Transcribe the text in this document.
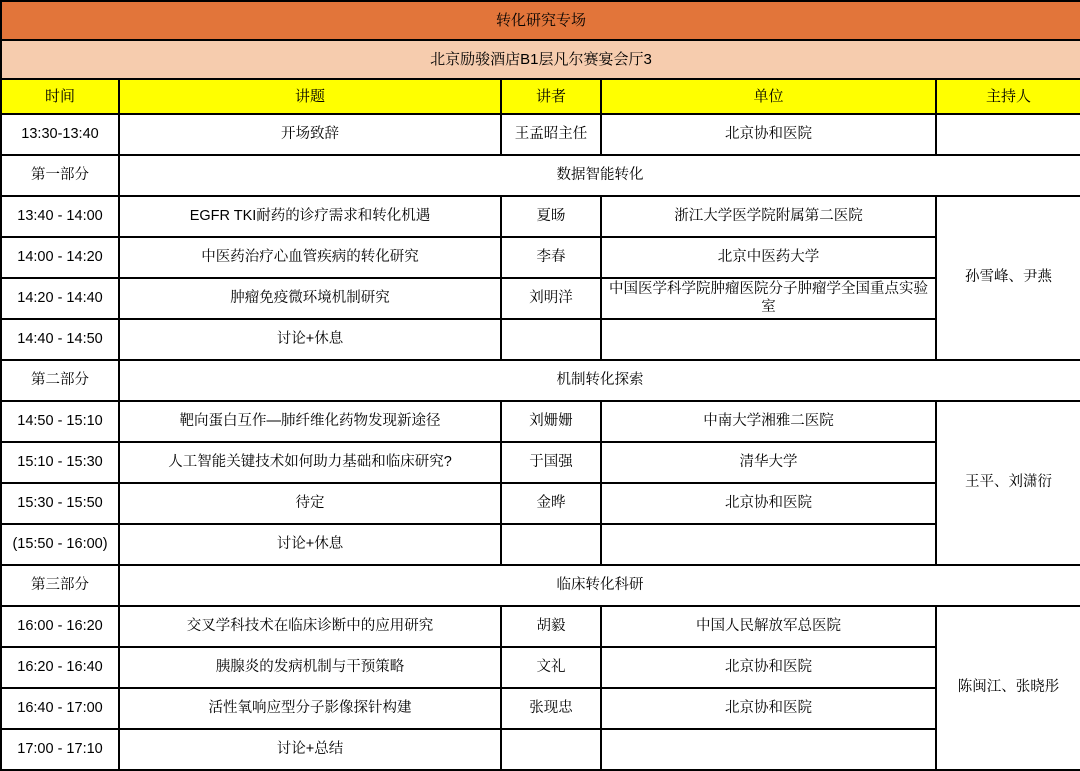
转化研究专场				
北京励骏酒店B1层凡尔赛宴会厅3				
时间	讲题	讲者	单位	主持人
13:30-13:40	开场致辞	王孟昭主任	北京协和医院	
第一部分	数据智能转化			
13:40 - 14:00	EGFR TKI耐药的诊疗需求和转化机遇	夏旸	浙江大学医学院附属第二医院	孙雪峰、尹燕
14:00 - 14:20	中医药治疗心血管疾病的转化研究	李春	北京中医药大学	
14:20 - 14:40	肿瘤免疫微环境机制研究	刘明洋	中国医学科学院肿瘤医院分子肿瘤学全国重点实验室	
14:40 - 14:50	讨论+休息			
第二部分	机制转化探索			
14:50 - 15:10	靶向蛋白互作—肺纤维化药物发现新途径	刘姗姗	中南大学湘雅二医院	王平、刘潇衍
15:10 - 15:30	人工智能关键技术如何助力基础和临床研究?	于国强	清华大学	
15:30 - 15:50	待定	金晔	北京协和医院	
(15:50 - 16:00)	讨论+休息			
第三部分	临床转化科研			
16:00 - 16:20	交叉学科技术在临床诊断中的应用研究	胡毅	中国人民解放军总医院	陈闽江、张晓彤
16:20 - 16:40	胰腺炎的发病机制与干预策略	文礼	北京协和医院	
16:40 - 17:00	活性氧响应型分子影像探针构建	张现忠	北京协和医院	
17:00 - 17:10	讨论+总结			
